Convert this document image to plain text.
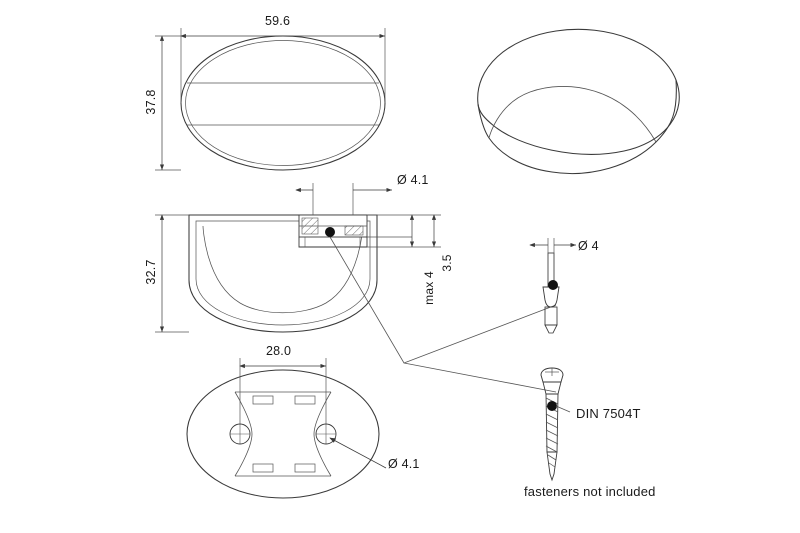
59.6
37.8
Ø 4.1
32.7	max 4
3.5
Ø 4
28.0
Ø 4.1
DIN 7504T
fasteners not included
